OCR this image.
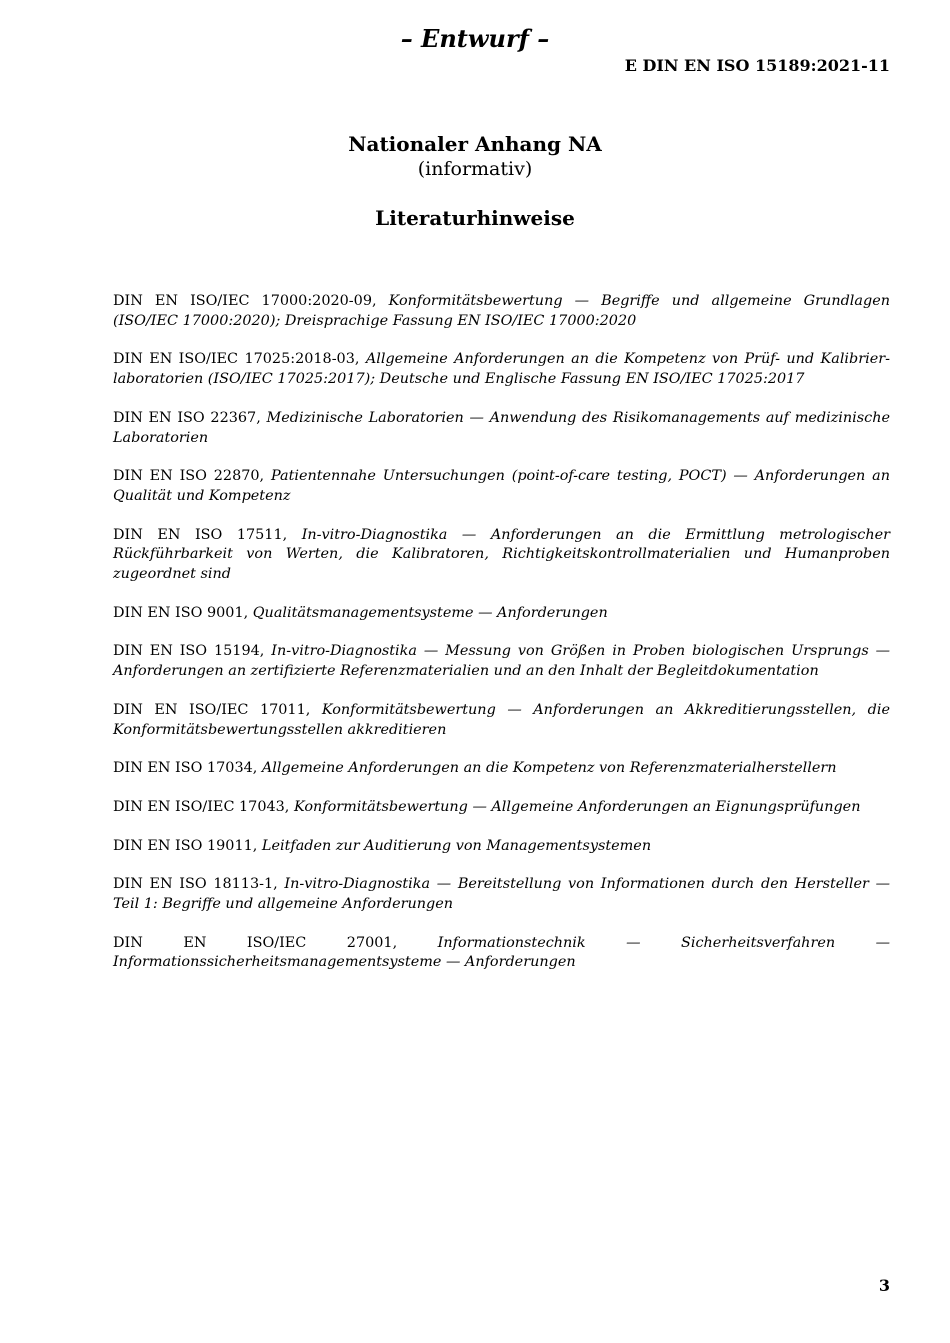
– Entwurf –
E DIN EN ISO 15189:2021-11
Nationaler Anhang NA
(informativ)
Literaturhinweise

DIN EN ISO/IEC 17000:2020-09, Konformitätsbewertung — Begriffe und allgemeine Grundlagen (ISO/IEC 17000:2020); Dreisprachige Fassung EN ISO/IEC 17000:2020

DIN EN ISO/IEC 17025:2018-03, Allgemeine Anforderungen an die Kompetenz von Prüf- und Kalibrierlaboratorien (ISO/IEC 17025:2017); Deutsche und Englische Fassung EN ISO/IEC 17025:2017

DIN EN ISO 22367, Medizinische Laboratorien — Anwendung des Risikomanagements auf medizinische Laboratorien

DIN EN ISO 22870, Patientennahe Untersuchungen (point-of-care testing, POCT) — Anforderungen an Qualität und Kompetenz

DIN EN ISO 17511, In-vitro-Diagnostika — Anforderungen an die Ermittlung metrologischer Rückführbarkeit von Werten, die Kalibratoren, Richtigkeitskontrollmaterialien und Humanproben zugeordnet sind

DIN EN ISO 9001, Qualitätsmanagementsysteme — Anforderungen

DIN EN ISO 15194, In-vitro-Diagnostika — Messung von Größen in Proben biologischen Ursprungs — Anforderungen an zertifizierte Referenzmaterialien und an den Inhalt der Begleitdokumentation

DIN EN ISO/IEC 17011, Konformitätsbewertung — Anforderungen an Akkreditierungsstellen, die Konformitätsbewertungsstellen akkreditieren

DIN EN ISO 17034, Allgemeine Anforderungen an die Kompetenz von Referenzmaterialherstellern

DIN EN ISO/IEC 17043, Konformitätsbewertung — Allgemeine Anforderungen an Eignungsprüfungen

DIN EN ISO 19011, Leitfaden zur Auditierung von Managementsystemen

DIN EN ISO 18113-1, In-vitro-Diagnostika — Bereitstellung von Informationen durch den Hersteller — Teil 1: Begriffe und allgemeine Anforderungen

DIN EN ISO/IEC 27001, Informationstechnik — Sicherheitsverfahren — Informationssicherheitsmanagementsysteme — Anforderungen

3
